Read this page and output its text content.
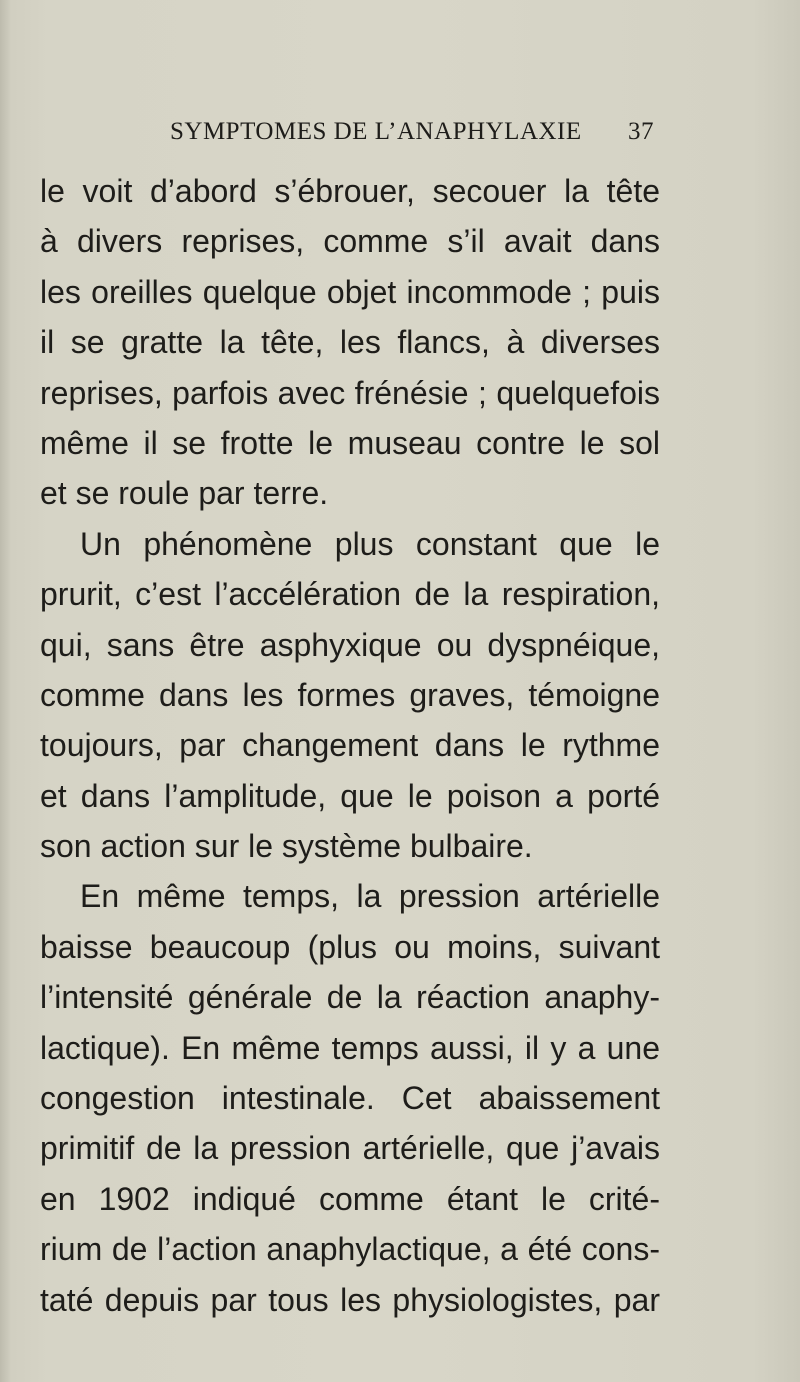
SYMPTOMES DE L’ANAPHYLAXIE 37
le voit d’abord s’ébrouer, secouer la tête
à divers reprises, comme s’il avait dans
les oreilles quelque objet incommode ; puis
il se gratte la tête, les flancs, à diverses
reprises, parfois avec frénésie ; quelquefois
même il se frotte le museau contre le sol
et se roule par terre.
Un phénomène plus constant que le
prurit, c’est l’accélération de la respiration,
qui, sans être asphyxique ou dyspnéique,
comme dans les formes graves, témoigne
toujours, par changement dans le rythme
et dans l’amplitude, que le poison a porté
son action sur le système bulbaire.
En même temps, la pression artérielle
baisse beaucoup (plus ou moins, suivant
l’intensité générale de la réaction anaphy-
lactique). En même temps aussi, il y a une
congestion intestinale. Cet abaissement
primitif de la pression artérielle, que j’avais
en 1902 indiqué comme étant le crité-
rium de l’action anaphylactique, a été cons-
taté depuis par tous les physiologistes, par
